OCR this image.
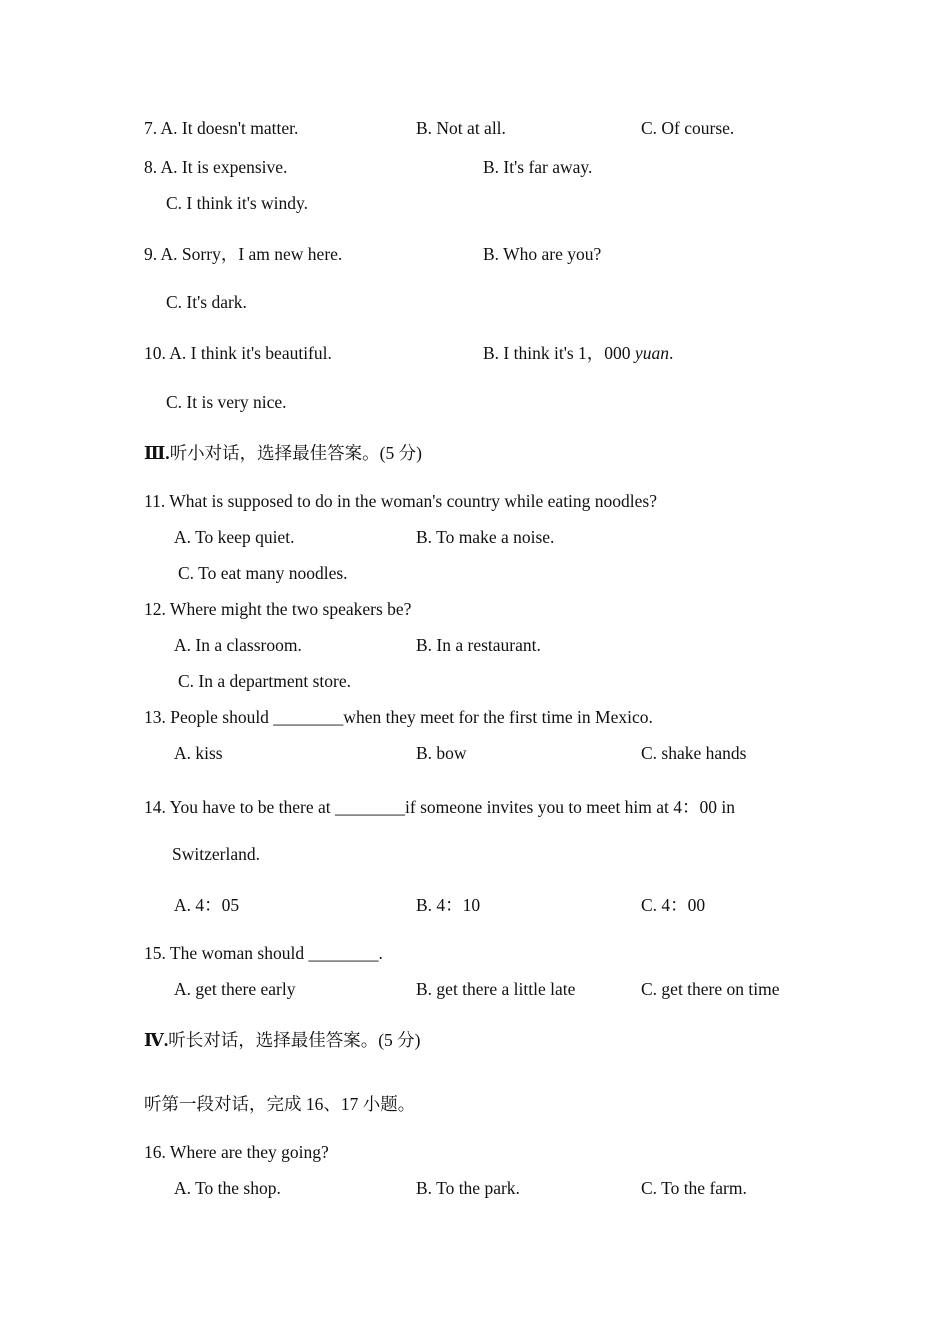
7. A. It doesn't matter.	B. Not at all.	C. Of course.
8. A. It is expensive.	B. It's far away.
C. I think it's windy.
9. A. Sorry，I am new here.	B. Who are you?
C. It's dark.
10. A. I think it's beautiful.	B. I think it's 1，000 yuan.
C. It is very nice.
Ⅲ.听小对话，选择最佳答案。(5 分)
11. What is supposed to do in the woman's country while eating noodles?
A. To keep quiet.	B. To make a noise.
C. To eat many noodles.
12. Where might the two speakers be?
A. In a classroom.	B. In a restaurant.
C. In a department store.
13. People should ________when they meet for the first time in Mexico.
A. kiss	B. bow	C. shake hands
14. You have to be there at ________if someone invites you to meet him at 4：00 in
Switzerland.
A. 4：05	B. 4：10	C. 4：00
15. The woman should ________.
A. get there early	B. get there a little late	C. get there on time
Ⅳ.听长对话，选择最佳答案。(5 分)
听第一段对话，完成 16、17 小题。
16. Where are they going?
A. To the shop.	B. To the park.	C. To the farm.
